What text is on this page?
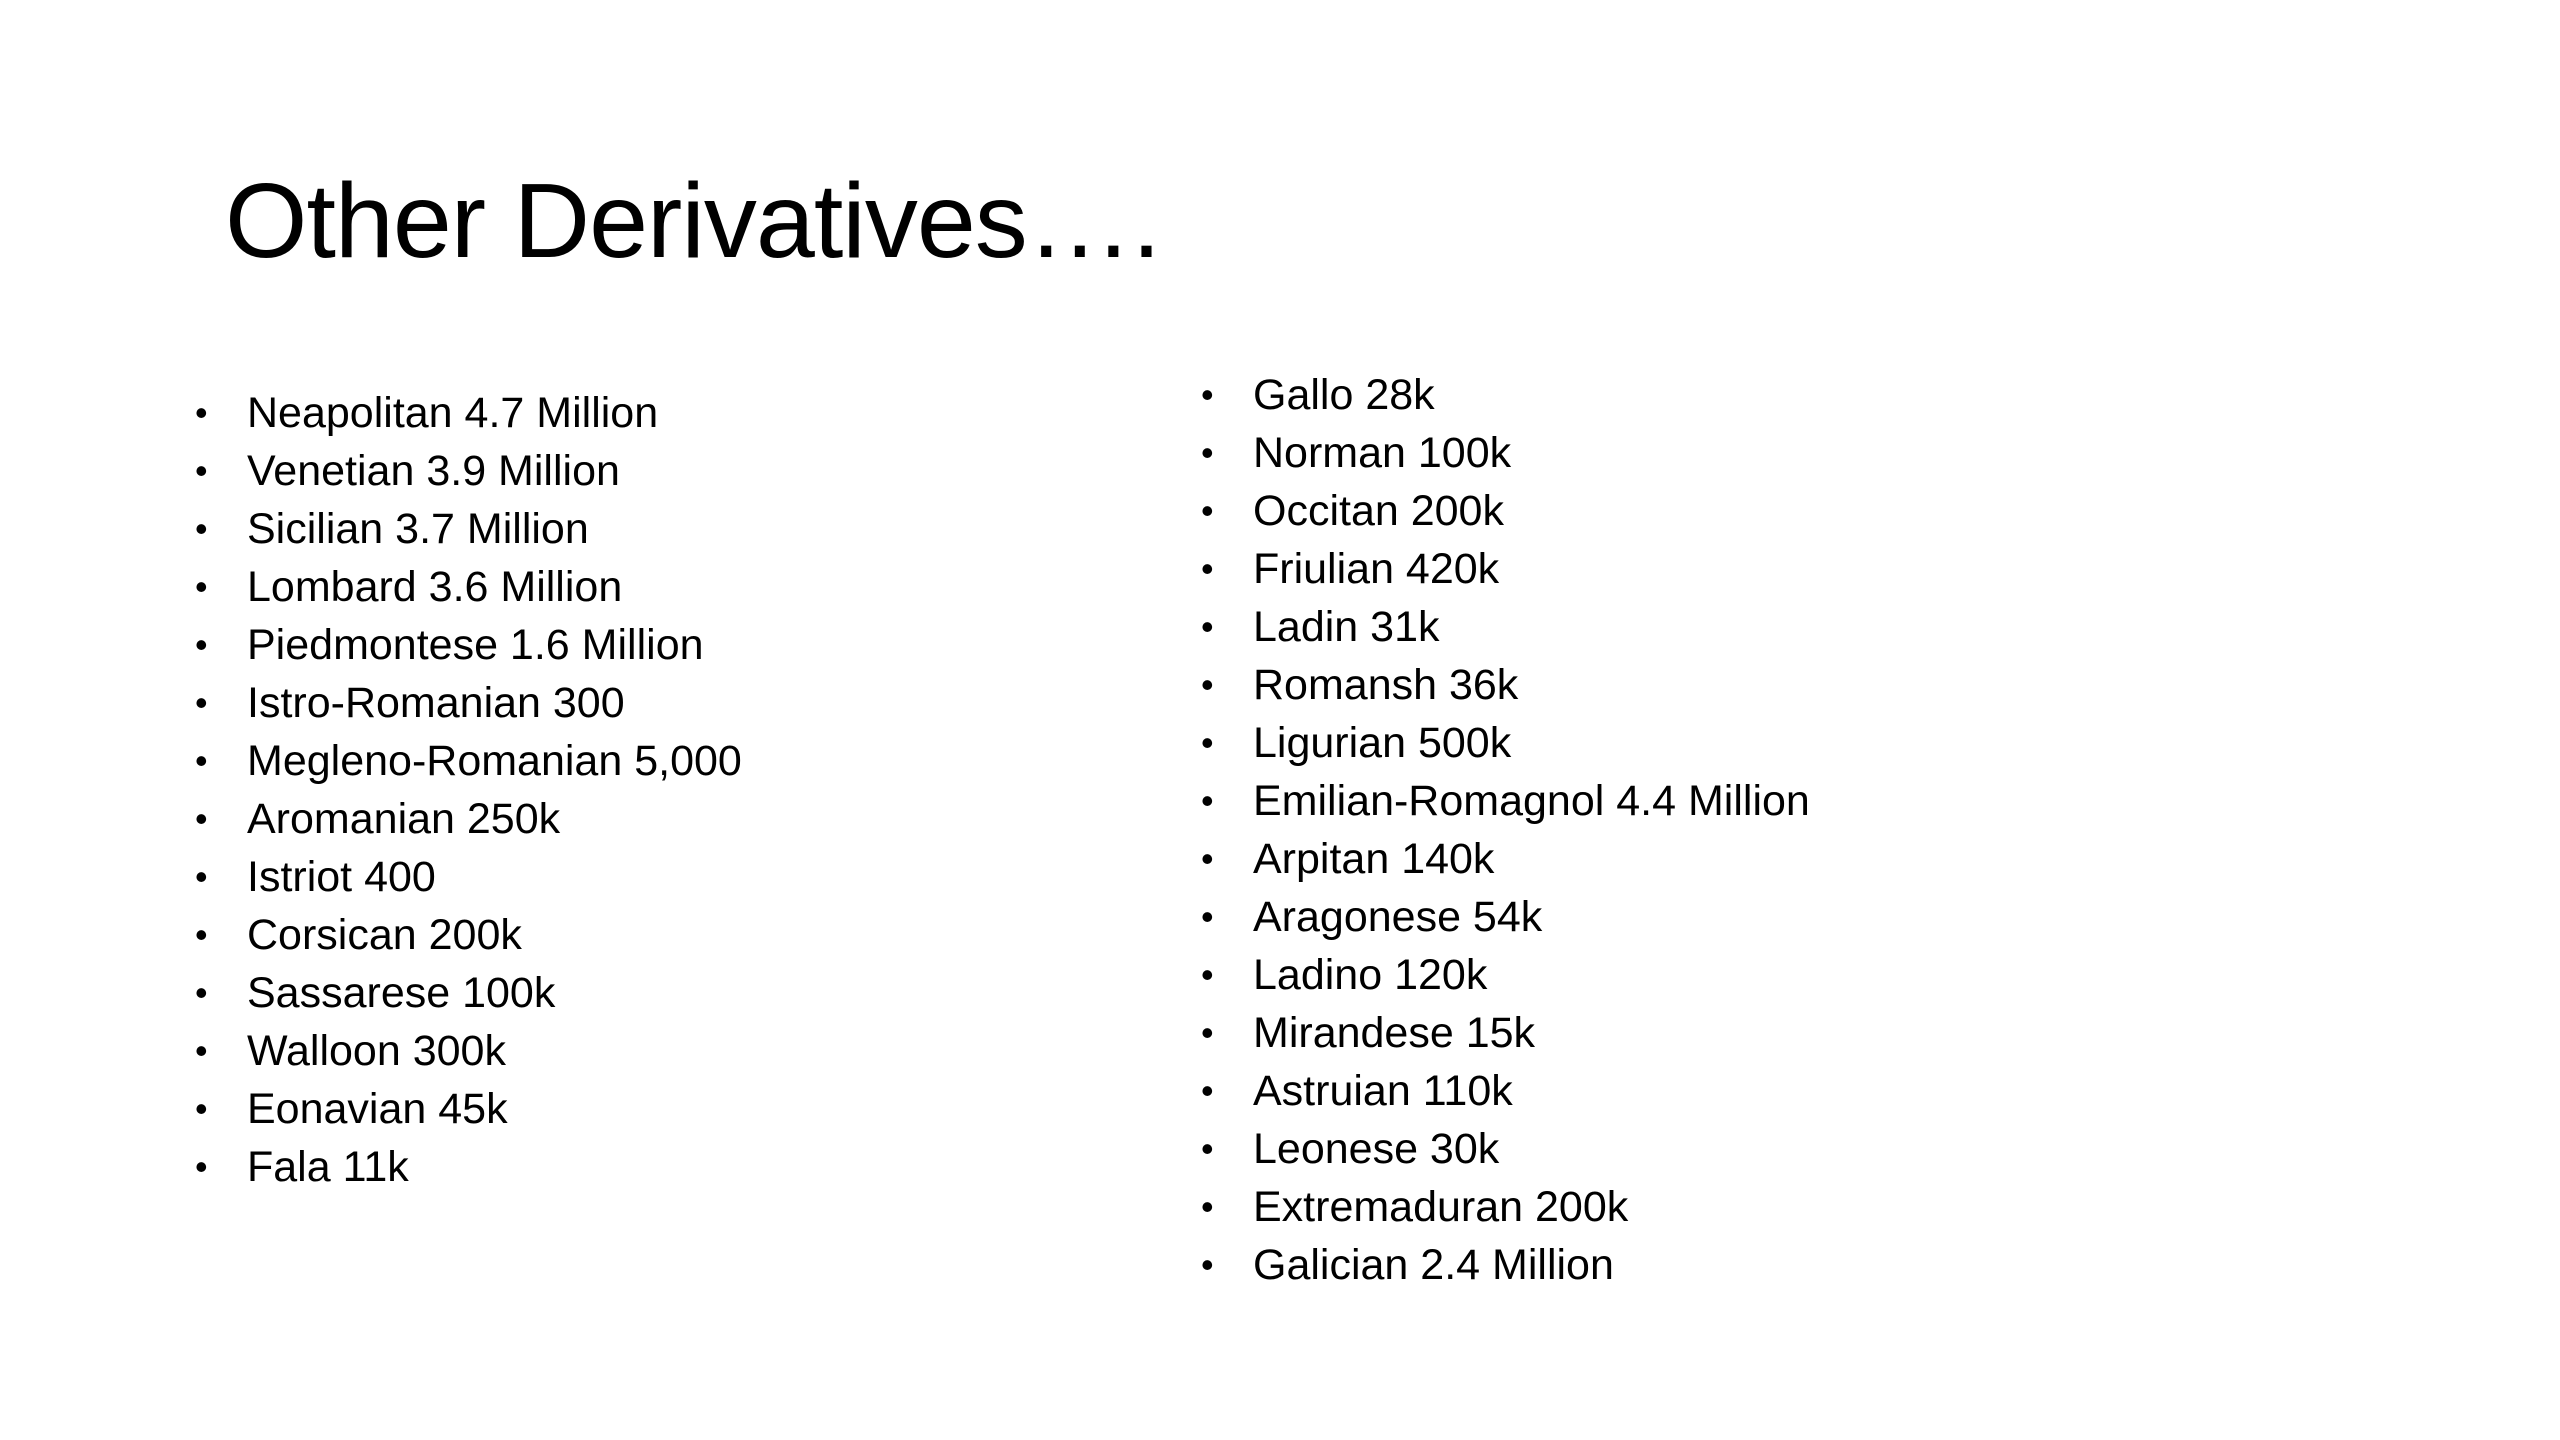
Other Derivatives….
• Neapolitan 4.7 Million
• Venetian 3.9 Million
• Sicilian 3.7 Million
• Lombard 3.6 Million
• Piedmontese 1.6 Million
• Istro-Romanian 300
• Megleno-Romanian 5,000
• Aromanian 250k
• Istriot 400
• Corsican 200k
• Sassarese 100k
• Walloon 300k
• Eonavian 45k
• Fala 11k
• Gallo 28k
• Norman 100k
• Occitan 200k
• Friulian 420k
• Ladin 31k
• Romansh 36k
• Ligurian 500k
• Emilian-Romagnol 4.4 Million
• Arpitan 140k
• Aragonese 54k
• Ladino 120k
• Mirandese 15k
• Astruian 110k
• Leonese 30k
• Extremaduran 200k
• Galician 2.4 Million
